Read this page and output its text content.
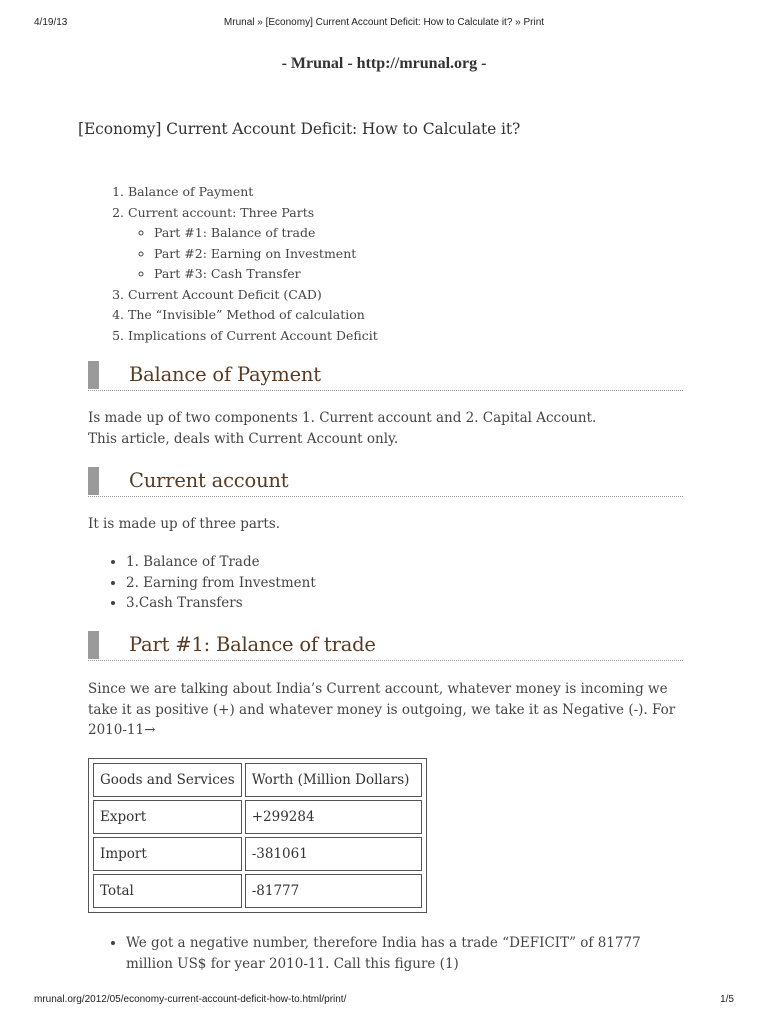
4/19/13	Mrunal » [Economy] Current Account Deficit: How to Calculate it? » Print
- Mrunal - http://mrunal.org -
[Economy] Current Account Deficit: How to Calculate it?
1. Balance of Payment
2. Current account: Three Parts
◦ Part #1: Balance of trade
◦ Part #2: Earning on Investment
◦ Part #3: Cash Transfer
3. Current Account Deficit (CAD)
4. The “Invisible” Method of calculation
5. Implications of Current Account Deficit
Balance of Payment

Is made up of two components 1. Current account and 2. Capital Account.
This article, deals with Current Account only.

Current account

It is made up of three parts.

• 1. Balance of Trade
• 2. Earning from Investment
• 3.Cash Transfers
Part #1: Balance of trade

Since we are talking about India’s Current account, whatever money is incoming we take it as positive (+) and whatever money is outgoing, we take it as Negative (-). For 2010-11→

Goods and Services	Worth (Million Dollars)
Export	+299284
Import	-381061
Total	-81777
• We got a negative number, therefore India has a trade “DEFICIT” of 81777 million US$ for year 2010-11. Call this figure (1)
mrunal.org/2012/05/economy-current-account-deficit-how-to.html/print/	1/5
